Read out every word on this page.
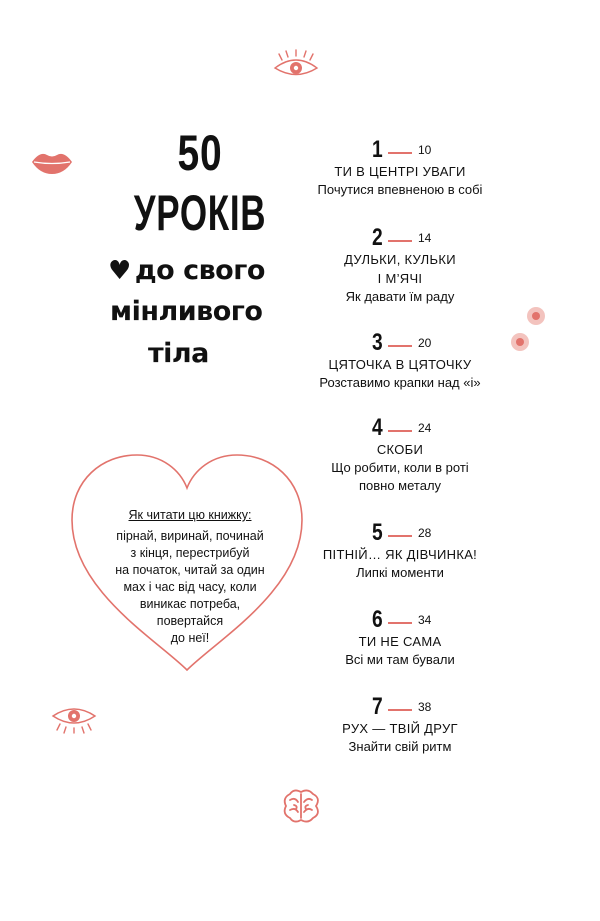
50
УРОКІВ
♥ до свого
мінливого
тіла
Як читати цю книжку:
пірнай, виринай, починай
з кінця, перестрибуй
на початок, читай за один
мах і час від часу, коли
виникає потреба,
повертайся
до неї!
1	10
ТИ В ЦЕНТРІ УВАГИ
Почутися впевненою в собі
2	14
ДУЛЬКИ, КУЛЬКИ
І М’ЯЧІ
Як давати їм раду
3	20
ЦЯТОЧКА В ЦЯТОЧКУ
Розставимо крапки над «і»
4	24
СКОБИ
Що робити, коли в роті
повно металу
5	28
ПІТНІЙ… ЯК ДІВЧИНКА!
Липкі моменти
6	34
ТИ НЕ САМА
Всі ми там бували
7	38
РУХ — ТВІЙ ДРУГ
Знайти свій ритм
